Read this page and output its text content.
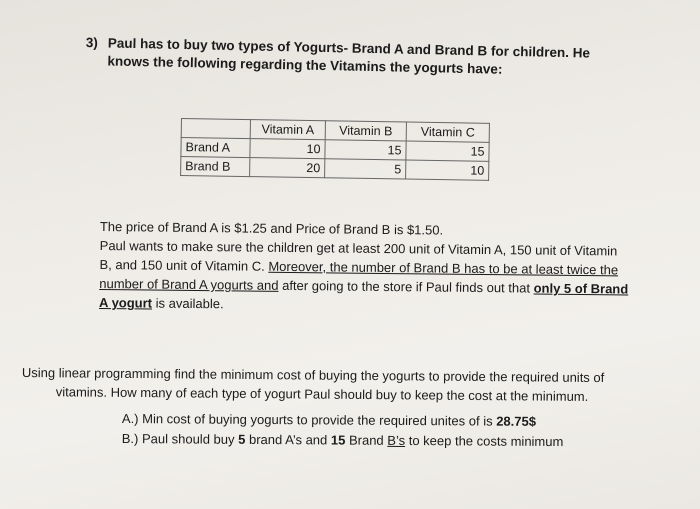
3) Paul has to buy two types of Yogurts- Brand A and Brand B for children. He knows the following regarding the Vitamins the yogurts have:
	Vitamin A	Vitamin B	Vitamin C
Brand A	10	15	15
Brand B	20	5	10
The price of Brand A is $1.25 and Price of Brand B is $1.50.
Paul wants to make sure the children get at least 200 unit of Vitamin A, 150 unit of Vitamin
B, and 150 unit of Vitamin C. Moreover, the number of Brand B has to be at least twice the
number of Brand A yogurts and after going to the store if Paul finds out that only 5 of Brand
A yogurt is available.
Using linear programming find the minimum cost of buying the yogurts to provide the required units of
vitamins. How many of each type of yogurt Paul should buy to keep the cost at the minimum.
A.) Min cost of buying yogurts to provide the required unites of is 28.75$
B.) Paul should buy 5 brand A’s and 15 Brand B’s to keep the costs minimum
